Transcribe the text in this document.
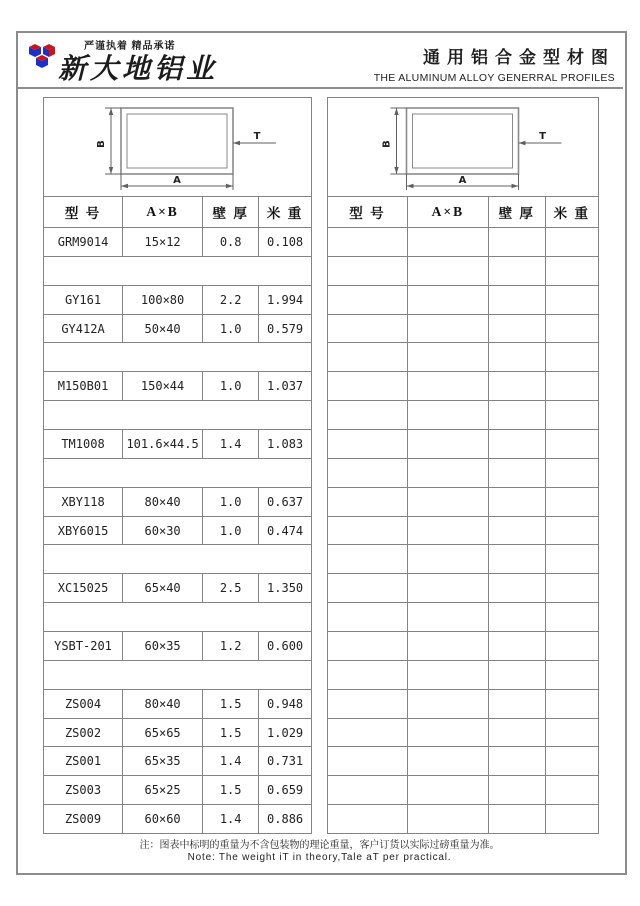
严谨执着 精品承诺
新大地铝业	通用铝合金型材图
THE ALUMINUM ALLOY GENERRAL PROFILES
B
A
T
型 号	A×B	壁 厚	米 重
GRM9014	15×12	0.8	0.108
GY161	100×80	2.2	1.994
GY412A	50×40	1.0	0.579
M150B01	150×44	1.0	1.037
TM1008	101.6×44.5	1.4	1.083
XBY118	80×40	1.0	0.637
XBY6015	60×30	1.0	0.474
XC15025	65×40	2.5	1.350
YSBT-201	60×35	1.2	0.600
ZS004	80×40	1.5	0.948
ZS002	65×65	1.5	1.029
ZS001	65×35	1.4	0.731
ZS003	65×25	1.5	0.659
ZS009	60×60	1.4	0.886
B
A
T
型 号	A×B	壁 厚	米 重
注：图表中标明的重量为不含包装物的理论重量，客户订货以实际过磅重量为准。
Note: The weight iT in theory,Tale aT per practical.
